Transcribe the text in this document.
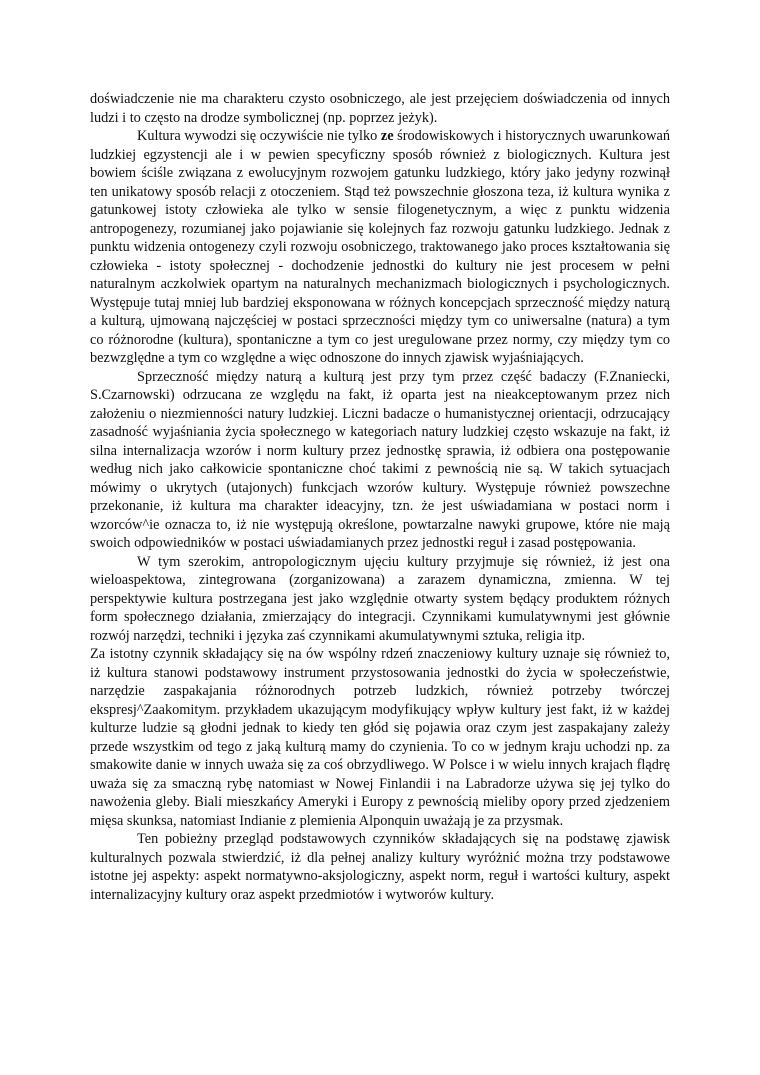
doświadczenie nie ma charakteru czysto osobniczego, ale jest przejęciem doświadczenia od innych ludzi i to często na drodze symbolicznej (np. poprzez jeżyk).

Kultura wywodzi się oczywiście nie tylko ze środowiskowych i historycznych uwarunkowań ludzkiej egzystencji ale i w pewien specyficzny sposób również z biologicznych. Kultura jest bowiem ściśle związana z ewolucyjnym rozwojem gatunku ludzkiego, który jako jedyny rozwinął ten unikatowy sposób relacji z otoczeniem. Stąd też powszechnie głoszona teza, iż kultura wynika z gatunkowej istoty człowieka ale tylko w sensie filogenetycznym, a więc z punktu widzenia antropogenezy, rozumianej jako pojawianie się kolejnych faz rozwoju gatunku ludzkiego. Jednak z punktu widzenia ontogenezy czyli rozwoju osobniczego, traktowanego jako proces kształtowania się człowieka - istoty społecznej - dochodzenie jednostki do kultury nie jest procesem w pełni naturalnym aczkolwiek opartym na naturalnych mechanizmach biologicznych i psychologicznych. Występuje tutaj mniej lub bardziej eksponowana w różnych koncepcjach sprzeczność między naturą a kulturą, ujmowaną najczęściej w postaci sprzeczności między tym co uniwersalne (natura) a tym co różnorodne (kultura), spontaniczne a tym co jest uregulowane przez normy, czy między tym co bezwzględne a tym co względne a więc odnoszone do innych zjawisk wyjaśniających.

Sprzeczność między naturą a kulturą jest przy tym przez część badaczy (F.Znaniecki, S.Czarnowski) odrzucana ze względu na fakt, iż oparta jest na nieakceptowanym przez nich założeniu o niezmienności natury ludzkiej. Liczni badacze o humanistycznej orientacji, odrzucający zasadność wyjaśniania życia społecznego w kategoriach natury ludzkiej często wskazuje na fakt, iż silna internalizacja wzorów i norm kultury przez jednostkę sprawia, iż odbiera ona postępowanie według nich jako całkowicie spontaniczne choć takimi z pewnością nie są. W takich sytuacjach mówimy o ukrytych (utajonych) funkcjach wzorów kultury. Występuje również powszechne przekonanie, iż kultura ma charakter ideacyjny, tzn. że jest uświadamiana w postaci norm i wzorców^ie oznacza to, iż nie występują określone, powtarzalne nawyki grupowe, które nie mają swoich odpowiedników w postaci uświadamianych przez jednostki reguł i zasad postępowania.

W tym szerokim, antropologicznym ujęciu kultury przyjmuje się również, iż jest ona wieloaspektowa, zintegrowana (zorganizowana) a zarazem dynamiczna, zmienna. W tej perspektywie kultura postrzegana jest jako względnie otwarty system będący produktem różnych form społecznego działania, zmierzający do integracji. Czynnikami kumulatywnymi jest głównie rozwój narzędzi, techniki i języka zaś czynnikami akumulatywnymi sztuka, religia itp.

Za istotny czynnik składający się na ów wspólny rdzeń znaczeniowy kultury uznaje się również to, iż kultura stanowi podstawowy instrument przystosowania jednostki do życia w społeczeństwie, narzędzie zaspakajania różnorodnych potrzeb ludzkich, również potrzeby twórczej ekspresj^Zaakomitym. przykładem ukazującym modyfikujący wpływ kultury jest fakt, iż w każdej kulturze ludzie są głodni jednak to kiedy ten głód się pojawia oraz czym jest zaspakajany zależy przede wszystkim od tego z jaką kulturą mamy do czynienia. To co w jednym kraju uchodzi np. za smakowite danie w innych uważa się za coś obrzydliwego. W Polsce i w wielu innych krajach flądrę uważa się za smaczną rybę natomiast w Nowej Finlandii i na Labradorze używa się jej tylko do nawożenia gleby. Biali mieszkańcy Ameryki i Europy z pewnością mieliby opory przed zjedzeniem mięsa skunksa, natomiast Indianie z plemienia Alponquin uważają je za przysmak.

Ten pobieżny przegląd podstawowych czynników składających się na podstawę zjawisk kulturalnych pozwala stwierdzić, iż dla pełnej analizy kultury wyróżnić można trzy podstawowe istotne jej aspekty: aspekt normatywno-aksjologiczny, aspekt norm, reguł i wartości kultury, aspekt internalizacyjny kultury oraz aspekt przedmiotów i wytworów kultury.
